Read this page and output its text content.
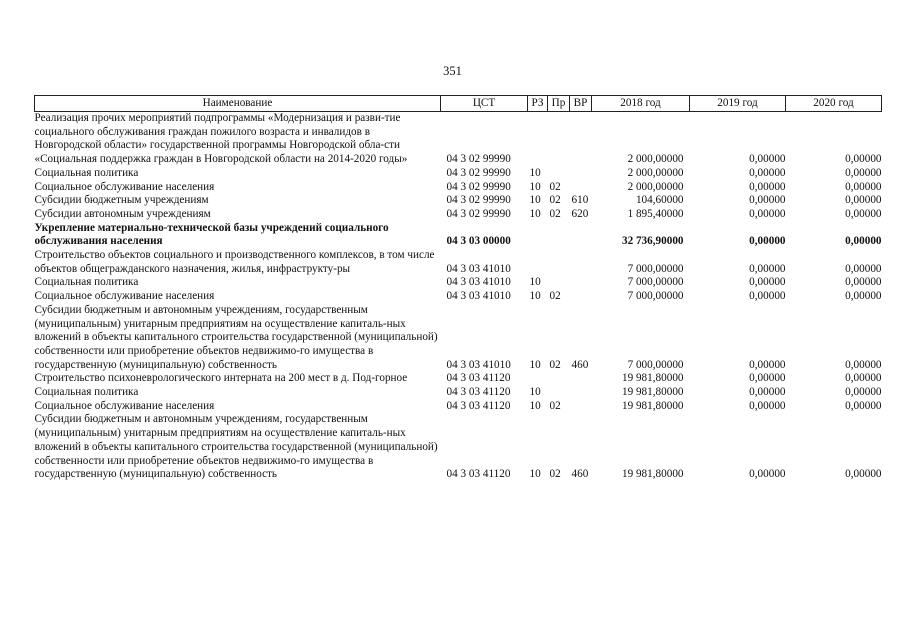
351
Наименование	ЦСТ	РЗ	Пр	ВР	2018 год	2019 год	2020 год
Реализация прочих мероприятий подпрограммы «Модернизация и разви-тие социального обслуживания граждан пожилого возраста и инвалидов в Новгородской области» государственной программы Новгородской обла-сти «Социальная поддержка граждан в Новгородской области на 2014-2020 годы»	04 3 02 99990				2 000,00000	0,00000	0,00000
Социальная политика	04 3 02 99990	10			2 000,00000	0,00000	0,00000
Социальное обслуживание населения	04 3 02 99990	10	02		2 000,00000	0,00000	0,00000
Субсидии бюджетным учреждениям	04 3 02 99990	10	02	610	104,60000	0,00000	0,00000
Субсидии автономным учреждениям	04 3 02 99990	10	02	620	1 895,40000	0,00000	0,00000
Укрепление материально-технической базы учреждений социального обслуживания населения	04 3 03 00000				32 736,90000	0,00000	0,00000
Строительство объектов социального и производственного комплексов, в том числе объектов общегражданского назначения, жилья, инфраструкту-ры	04 3 03 41010				7 000,00000	0,00000	0,00000
Социальная политика	04 3 03 41010	10			7 000,00000	0,00000	0,00000
Социальное обслуживание населения	04 3 03 41010	10	02		7 000,00000	0,00000	0,00000
Субсидии бюджетным и автономным учреждениям, государственным (муниципальным) унитарным предприятиям на осуществление капиталь-ных вложений в объекты капитального строительства государственной (муниципальной) собственности или приобретение объектов недвижимо-го имущества в государственную (муниципальную) собственность	04 3 03 41010	10	02	460	7 000,00000	0,00000	0,00000
Строительство психоневрологического интерната на 200 мест в д. Под-горное	04 3 03 41120				19 981,80000	0,00000	0,00000
Социальная политика	04 3 03 41120	10			19 981,80000	0,00000	0,00000
Социальное обслуживание населения	04 3 03 41120	10	02		19 981,80000	0,00000	0,00000
Субсидии бюджетным и автономным учреждениям, государственным (муниципальным) унитарным предприятиям на осуществление капиталь-ных вложений в объекты капитального строительства государственной (муниципальной) собственности или приобретение объектов недвижимо-го имущества в государственную (муниципальную) собственность	04 3 03 41120	10	02	460	19 981,80000	0,00000	0,00000
